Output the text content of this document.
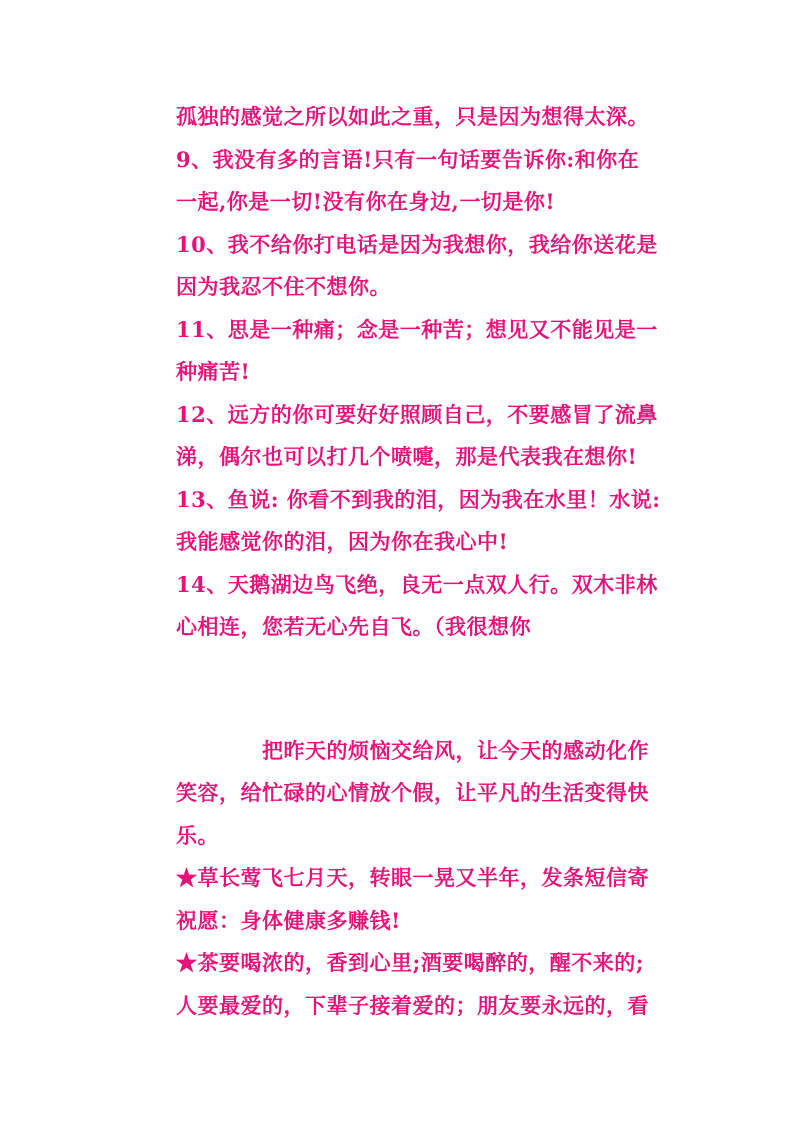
孤独的感觉之所以如此之重，只是因为想得太深。
9、我没有多的言语!只有一句话要告诉你:和你在
一起,你是一切!没有你在身边,一切是你!
10、我不给你打电话是因为我想你，我给你送花是
因为我忍不住不想你。
11、思是一种痛；念是一种苦；想见又不能见是一
种痛苦!
12、远方的你可要好好照顾自己，不要感冒了流鼻
涕，偶尔也可以打几个喷嚏，那是代表我在想你!
13、鱼说: 你看不到我的泪，因为我在水里！水说:
我能感觉你的泪，因为你在我心中!
14、天鹅湖边鸟飞绝，良无一点双人行。双木非林
心相连，您若无心先自飞。（我很想你
　　　　把昨天的烦恼交给风，让今天的感动化作
笑容，给忙碌的心情放个假，让平凡的生活变得快
乐。
★草长莺飞七月天，转眼一晃又半年，发条短信寄
祝愿：身体健康多赚钱!
★茶要喝浓的，香到心里;酒要喝醉的，醒不来的;
人要最爱的，下辈子接着爱的；朋友要永远的，看
